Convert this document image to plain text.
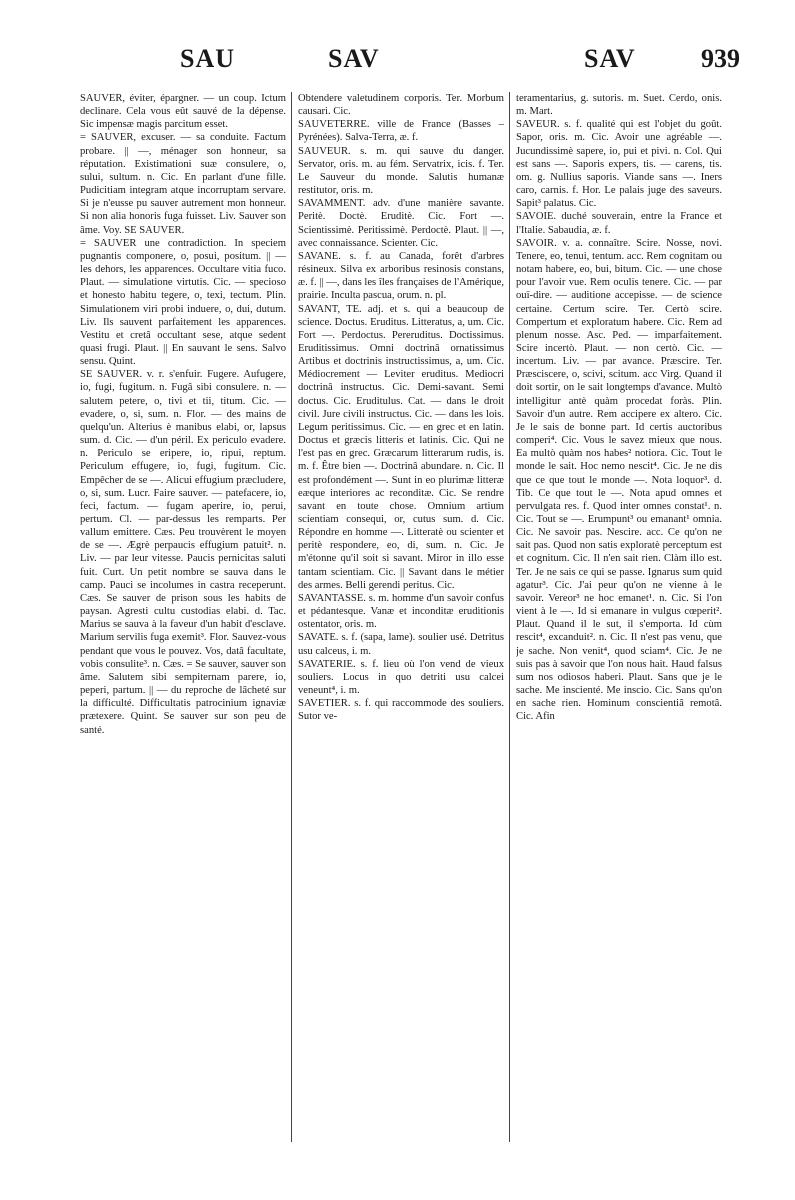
SAU	SAV	SAV	939

SAUVER, éviter, épargner. — un coup. Ictum declinare. Cela vous eût sauvé de la dépense. Sic impensæ magis parcitum esset.

= SAUVER, excuser. — sa conduite. Factum probare. || —, ménager son honneur, sa réputation. Existimationi suæ consulere, o, sului, sultum. n. Cic. En parlant d'une fille. Pudicitiam integram atque incorruptam servare. Si je n'eusse pu sauver autrement mon honneur. Si non alia honoris fuga fuisset. Liv. Sauver son âme. Voy. SE SAUVER.

= SAUVER une contradiction. In speciem pugnantis componere, o, posui, positum. || — les dehors, les apparences. Occultare vitia fuco. Plaut. — simulatione virtutis. Cic. — specioso et honesto habitu tegere, o, texi, tectum. Plin. Simulationem viri probi induere, o, dui, dutum. Liv. Ils sauvent parfaitement les apparences. Vestitu et cretâ occultant sese, atque sedent quasi frugi. Plaut. || En sauvant le sens. Salvo sensu. Quint.

SE SAUVER. v. r. s'enfuir. Fugere. Aufugere, io, fugi, fugitum. n. Fugâ sibi consulere. n. — salutem petere, o, tivi et tii, titum. Cic. — evadere, o, si, sum. n. Flor. — des mains de quelqu'un. Alterius è manibus elabi, or, lapsus sum. d. Cic. — d'un péril. Ex periculo evadere. n. Periculo se eripere, io, ripui, reptum. Periculum effugere, io, fugi, fugitum. Cic. Empêcher de se —. Alicui effugium præcludere, o, si, sum. Lucr. Faire sauver. — patefacere, io, feci, factum. — fugam aperire, io, perui, pertum. Cl. — par-dessus les remparts. Per vallum emittere. Cæs. Peu trouvèrent le moyen de se —. Ægrè perpaucis effugium patuit². n. Liv. — par leur vitesse. Paucis pernicitas saluti fuit. Curt. Un petit nombre se sauva dans le camp. Pauci se incolumes in castra receperunt. Cæs. Se sauver de prison sous les habits de paysan. Agresti cultu custodias elabi. d. Tac. Marius se sauva à la faveur d'un habit d'esclave. Marium servilis fuga exemit³. Flor. Sauvez-vous pendant que vous le pouvez. Vos, datâ facultate, vobis consulite³. n. Cæs. = Se sauver, sauver son âme. Salutem sibi sempiternam parere, io, peperi, partum. || — du reproche de lâcheté sur la difficulté. Difficultatis patrocinium ignaviæ prætexere. Quint. Se sauver sur son peu de santé.

Obtendere valetudinem corporis. Ter. Morbum causari. Cic.

SAUVETERRE. ville de France (Basses – Pyrénées). Salva-Terra, æ. f.

SAUVEUR. s. m. qui sauve du danger. Servator, oris. m. au fém. Servatrix, icis. f. Ter. Le Sauveur du monde. Salutis humanæ restitutor, oris. m.

SAVAMMENT. adv. d'une manière savante. Peritè. Doctè. Eruditè. Cic. Fort —. Scientissimè. Peritissimè. Perdoctè. Plaut. || —, avec connaissance. Scienter. Cic.

SAVANE. s. f. au Canada, forêt d'arbres résineux. Silva ex arboribus resinosis constans, æ. f. || —, dans les îles françaises de l'Amérique, prairie. Inculta pascua, orum. n. pl.

SAVANT, TE. adj. et s. qui a beaucoup de science. Doctus. Eruditus. Litteratus, a, um. Cic. Fort —. Perdoctus. Pereruditus. Doctissimus. Eruditissimus. Omni doctrinâ ornatissimus Artibus et doctrinis instructissimus, a, um. Cic. Médiocrement — Leviter eruditus. Mediocri doctrinâ instructus. Cic. Demi-savant. Semi doctus. Cic. Eruditulus. Cat. — dans le droit civil. Jure civili instructus. Cic. — dans les lois. Legum peritissimus. Cic. — en grec et en latin. Doctus et græcis litteris et latinis. Cic. Qui ne l'est pas en grec. Græcarum litterarum rudis, is. m. f. Être bien —. Doctrinâ abundare. n. Cic. Il est profondément —. Sunt in eo plurimæ litteræ eæque interiores ac reconditæ. Cic. Se rendre savant en toute chose. Omnium artium scientiam consequi, or, cutus sum. d. Cic. Répondre en homme —. Litteratè ou scienter et peritè respondere, eo, di, sum. n. Cic. Je m'étonne qu'il soit si savant. Miror in illo esse tantam scientiam. Cic. || Savant dans le métier des armes. Belli gerendi peritus. Cic.

SAVANTASSE. s. m. homme d'un savoir confus et pédantesque. Vanæ et inconditæ eruditionis ostentator, oris. m.

SAVATE. s. f. (sapa, lame). soulier usé. Detritus usu calceus, i. m.

SAVATERIE. s. f. lieu où l'on vend de vieux souliers. Locus in quo detriti usu calcei veneunt⁴, i. m.

SAVETIER. s. f. qui raccommode des souliers. Sutor ve-

teramentarius, g. sutoris. m. Suet. Cerdo, onis. m. Mart.

SAVEUR. s. f. qualité qui est l'objet du goût. Sapor, oris. m. Cic. Avoir une agréable —. Jucundissimè sapere, io, pui et pivi. n. Col. Qui est sans —. Saporis expers, tis. — carens, tis. om. g. Nullius saporis. Viande sans —. Iners caro, carnis. f. Hor. Le palais juge des saveurs. Sapit³ palatus. Cic.

SAVOIE. duché souverain, entre la France et l'Italie. Sabaudia, æ. f.

SAVOIR. v. a. connaître. Scire. Nosse, novi. Tenere, eo, tenui, tentum. acc. Rem cognitam ou notam habere, eo, bui, bitum. Cic. — une chose pour l'avoir vue. Rem oculis tenere. Cic. — par ouï-dire. — auditione accepisse. — de science certaine. Certum scire. Ter. Certò scire. Compertum et exploratum habere. Cic. Rem ad plenum nosse. Asc. Ped. — imparfaitement. Scire incertò. Plaut. — non certò. Cic. — incertum. Liv. — par avance. Præscire. Ter. Præsciscere, o, scivi, scitum. acc Virg. Quand il doit sortir, on le sait longtemps d'avance. Multò intelligitur antè quàm procedat foràs. Plin. Savoir d'un autre. Rem accipere ex altero. Cic. Je le sais de bonne part. Id certis auctoribus comperi⁴. Cic. Vous le savez mieux que nous. Ea multò quàm nos habes² notiora. Cic. Tout le monde le sait. Hoc nemo nescit⁴. Cic. Je ne dis que ce que tout le monde —. Nota loquor³. d. Tib. Ce que tout le —. Nota apud omnes et pervulgata res. f. Quod inter omnes constat¹. n. Cic. Tout se —. Erumpunt³ ou emanant¹ omnia. Cic. Ne savoir pas. Nescire. acc. Ce qu'on ne sait pas. Quod non satis exploratè perceptum est et cognitum. Cic. Il n'en sait rien. Clàm illo est. Ter. Je ne sais ce qui se passe. Ignarus sum quid agatur³. Cic. J'ai peur qu'on ne vienne à le savoir. Vereor³ ne hoc emanet¹. n. Cic. Si l'on vient à le —. Id si emanare in vulgus cœperit². Plaut. Quand il le sut, il s'emporta. Id cùm rescit⁴, excanduit². n. Cic. Il n'est pas venu, que je sache. Non venit⁴, quod sciam⁴. Cic. Je ne suis pas à savoir que l'on nous hait. Haud falsus sum nos odiosos haberi. Plaut. Sans que je le sache. Me inscienté. Me inscio. Cic. Sans qu'on en sache rien. Hominum conscientiâ remotâ. Cic. Afin
